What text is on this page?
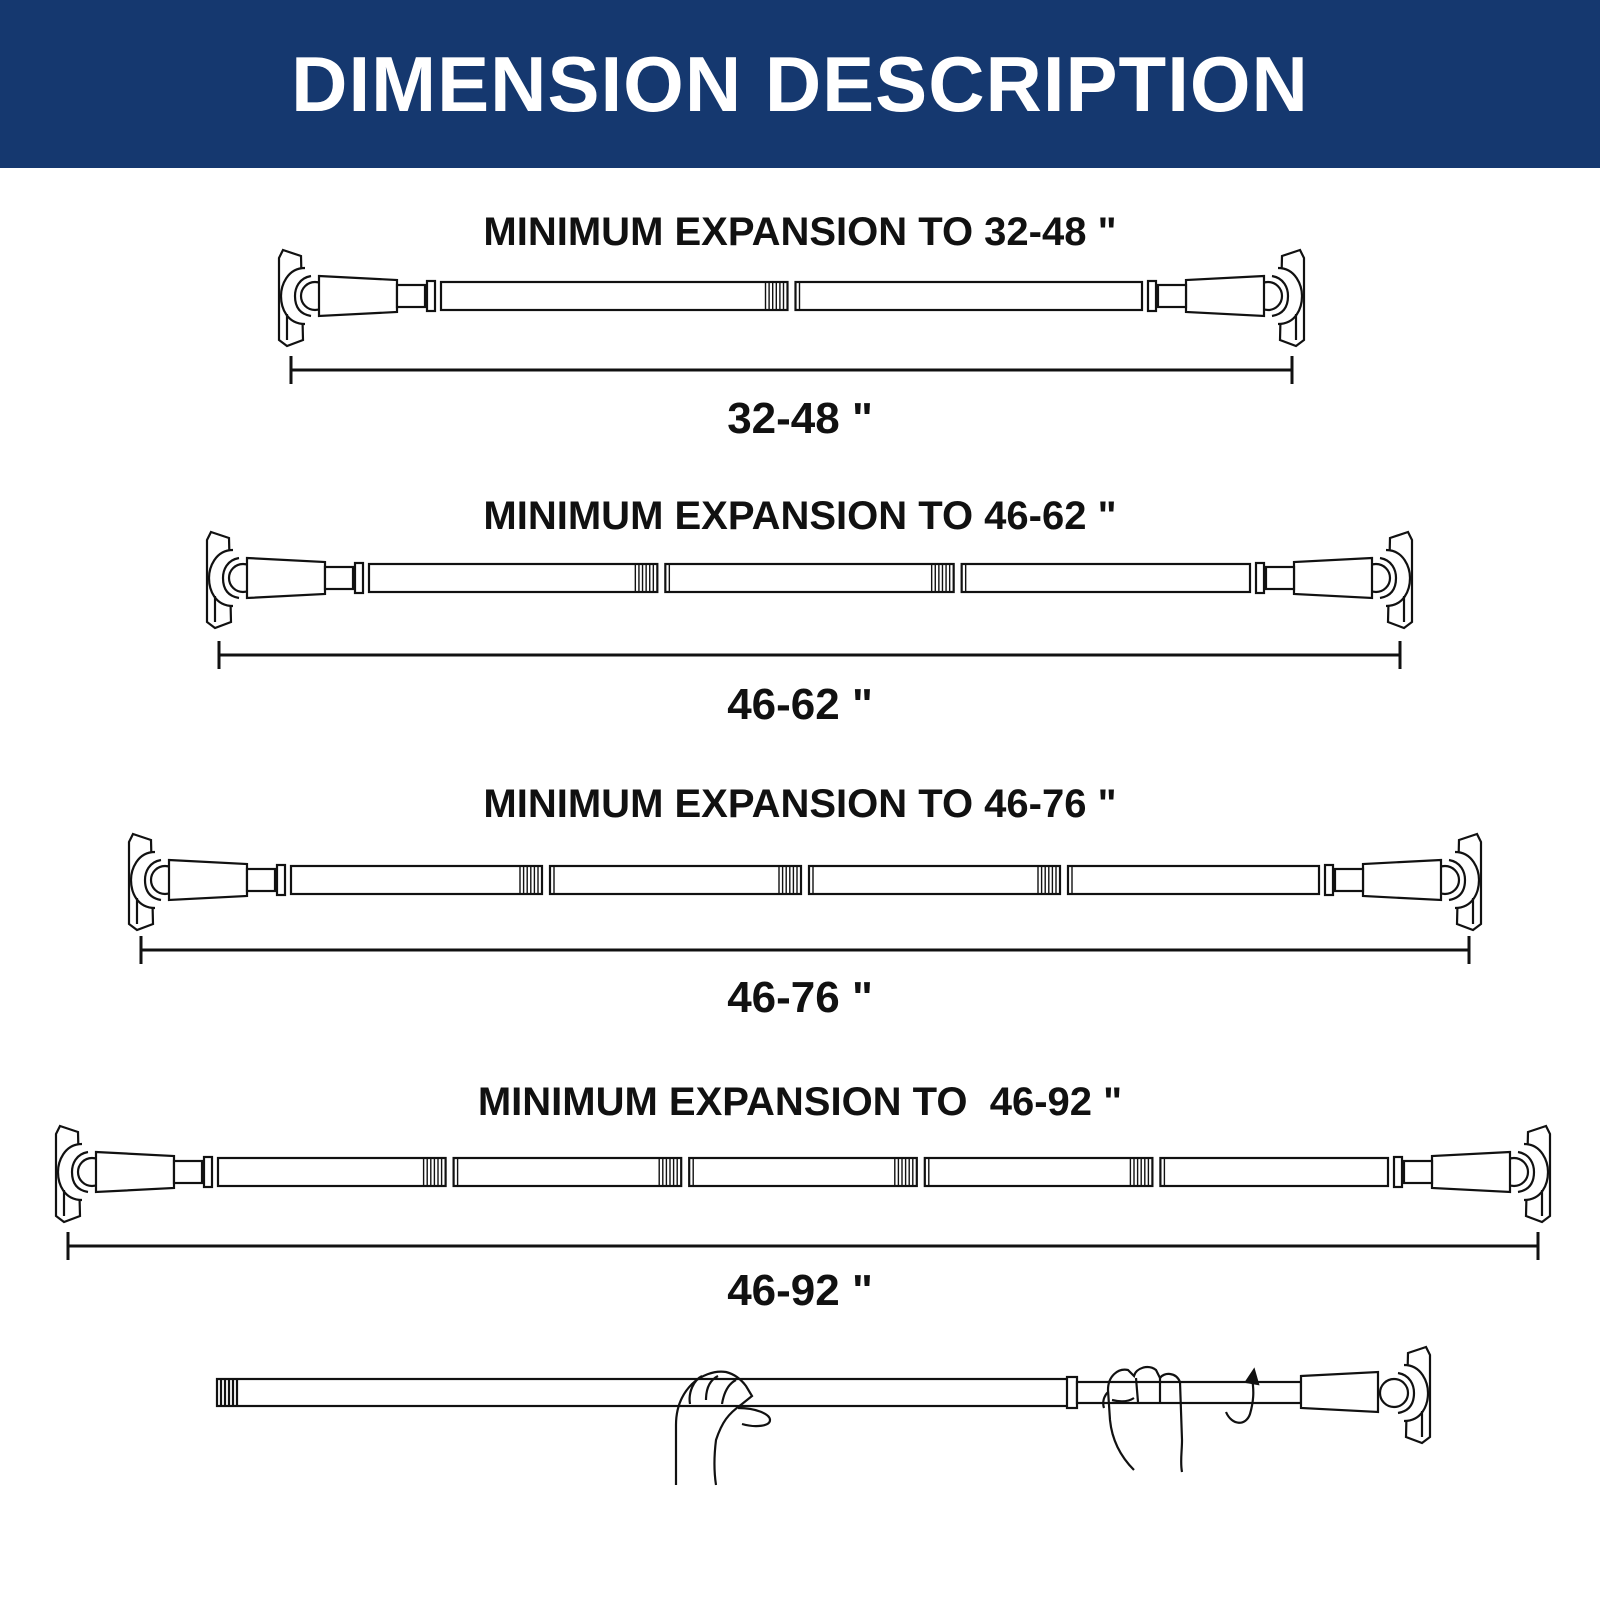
DIMENSION DESCRIPTION
MINIMUM EXPANSION TO 32-48 "
32-48 "
MINIMUM EXPANSION TO 46-62 "
46-62 "
MINIMUM EXPANSION TO 46-76 "
46-76 "
MINIMUM EXPANSION TO  46-92 "
46-92 "
